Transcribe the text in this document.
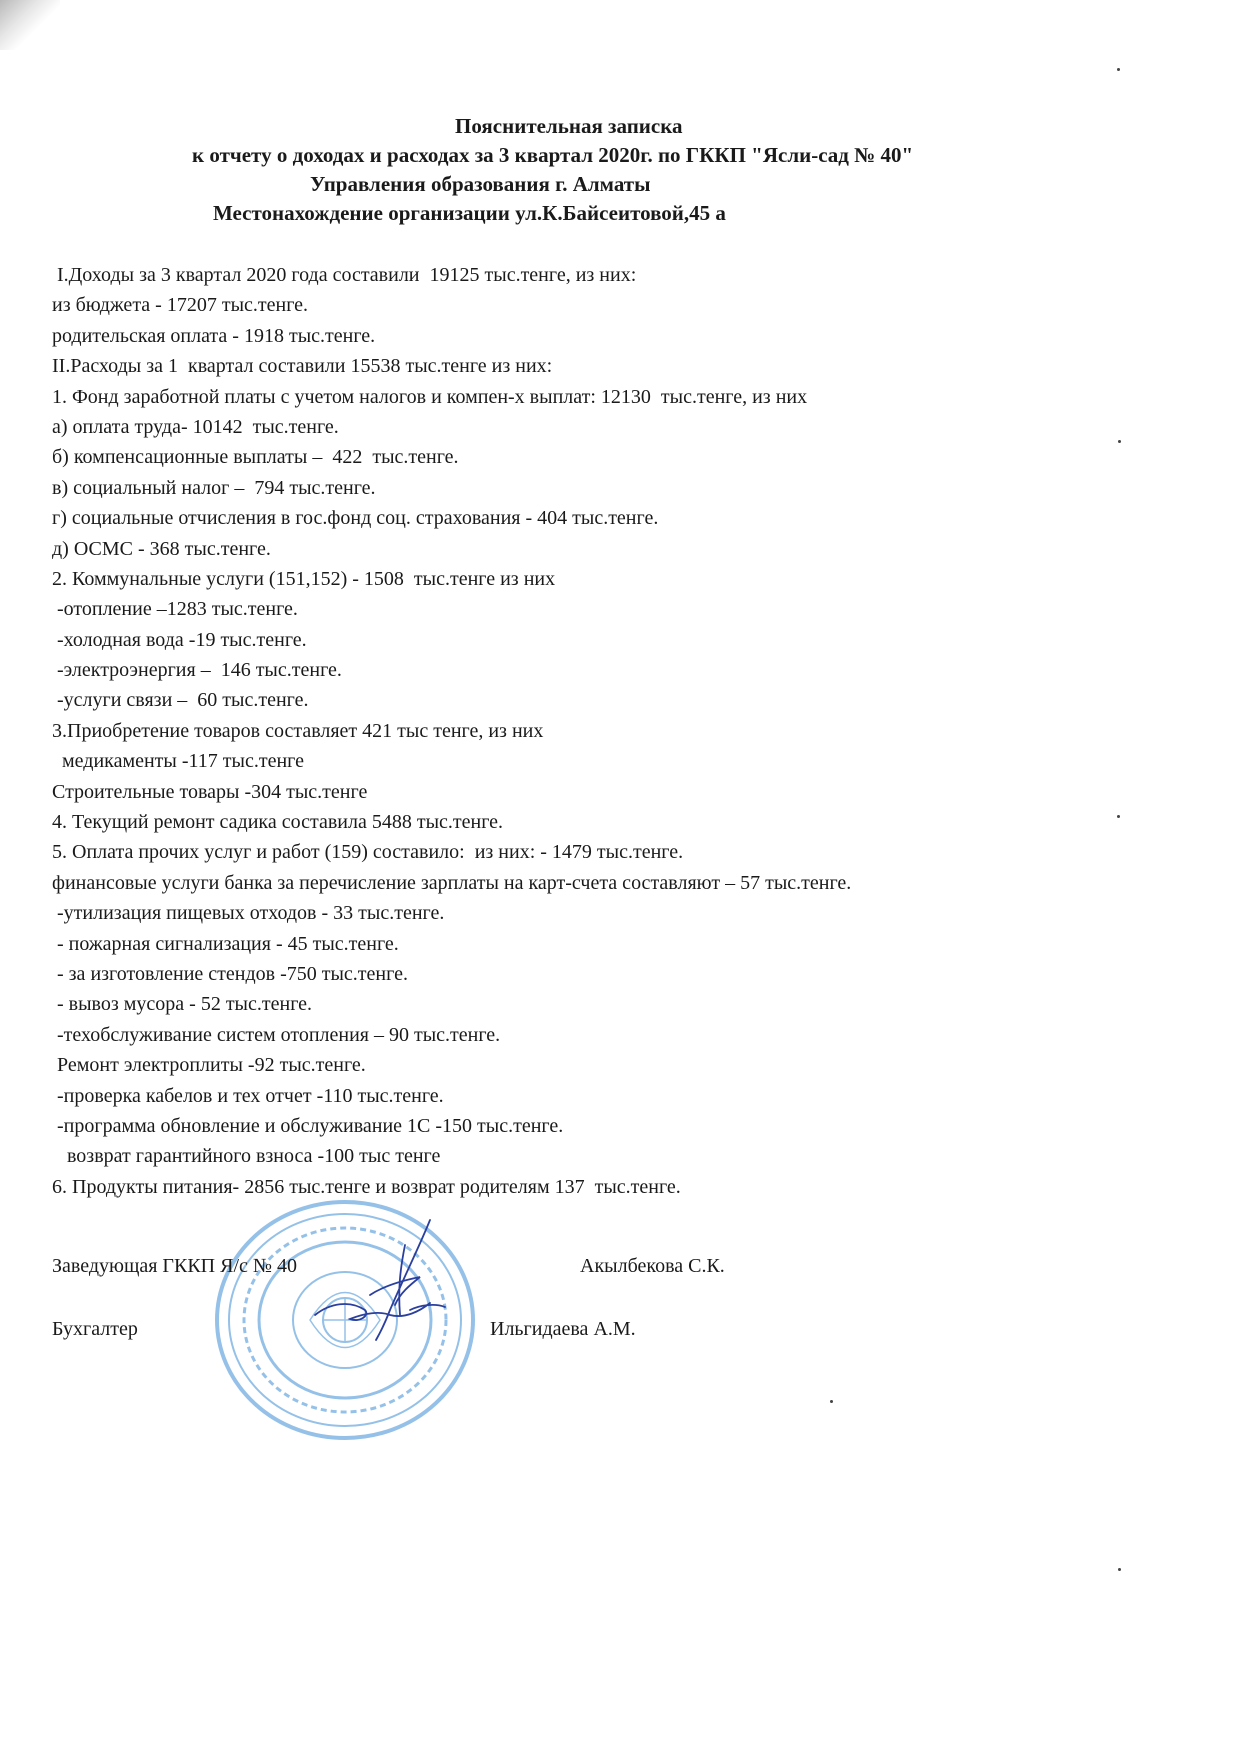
Пояснительная записка
к отчету о доходах и расходах за 3 квартал 2020г. по ГККП "Ясли-сад № 40"
Управления образования г. Алматы
Местонахождение организации ул.К.Байсеитовой,45 а
I.Доходы за 3 квартал 2020 года составили  19125 тыс.тенге, из них:
из бюджета - 17207 тыс.тенге.
родительская оплата - 1918 тыс.тенге.
II.Расходы за 1  квартал составили 15538 тыс.тенге из них:
1. Фонд заработной платы с учетом налогов и компен-х выплат: 12130  тыс.тенге, из них
а) оплата труда- 10142  тыс.тенге.
б) компенсационные выплаты –  422  тыс.тенге.
в) социальный налог –  794 тыс.тенге.
г) социальные отчисления в гос.фонд соц. страхования - 404 тыс.тенге.
д) ОСМС - 368 тыс.тенге.
2. Коммунальные услуги (151,152) - 1508  тыс.тенге из них
-отопление –1283 тыс.тенге.
-холодная вода -19 тыс.тенге.
-электроэнергия –  146 тыс.тенге.
-услуги связи –  60 тыс.тенге.
3.Приобретение товаров составляет 421 тыс тенге, из них
медикаменты -117 тыс.тенге
Строительные товары -304 тыс.тенге
4. Текущий ремонт садика составила 5488 тыс.тенге.
5. Оплата прочих услуг и работ (159) составило:  из них: - 1479 тыс.тенге.
финансовые услуги банка за перечисление зарплаты на карт-счета составляют – 57 тыс.тенге.
-утилизация пищевых отходов - 33 тыс.тенге.
- пожарная сигнализация - 45 тыс.тенге.
- за изготовление стендов -750 тыс.тенге.
- вывоз мусора - 52 тыс.тенге.
-техобслуживание систем отопления – 90 тыс.тенге.
Ремонт электроплиты -92 тыс.тенге.
-проверка кабелов и тех отчет -110 тыс.тенге.
-программа обновление и обслуживание 1С -150 тыс.тенге.
возврат гарантийного взноса -100 тыс тенге
6. Продукты питания- 2856 тыс.тенге и возврат родителям 137  тыс.тенге.
Заведующая ГККП Я/с № 40	Акылбекова С.К.
Бухгалтер	Ильгидаева А.М.
